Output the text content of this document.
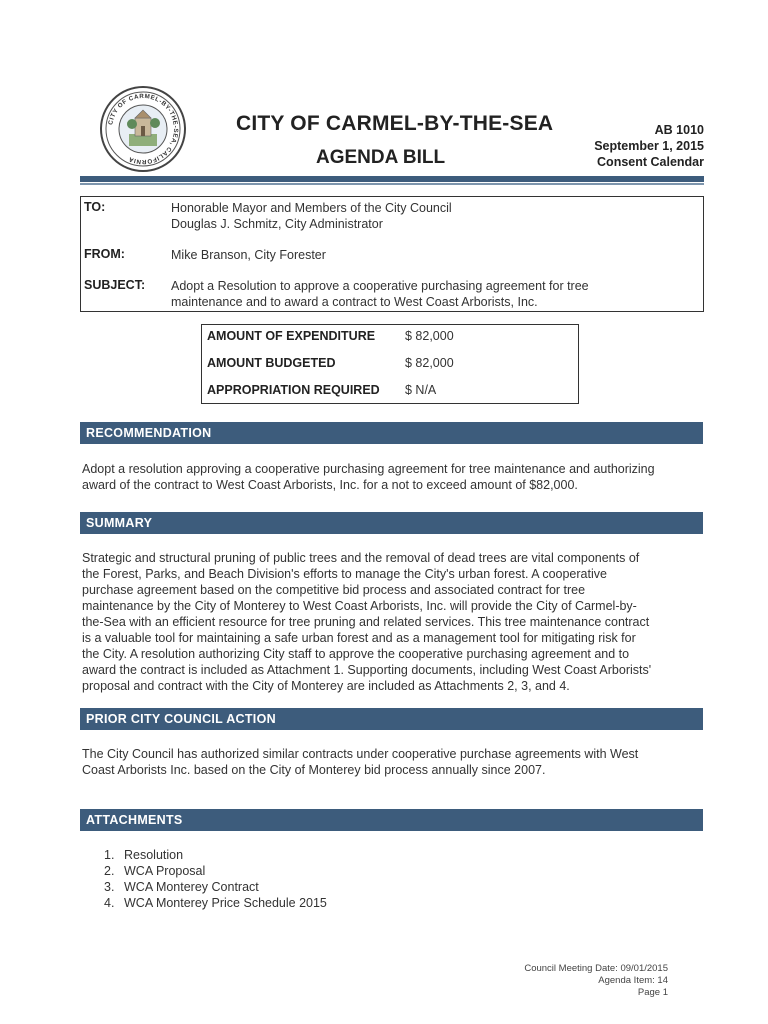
CITY OF CARMEL-BY-THE-SEA, CALIFORNIA
CITY OF CARMEL-BY-THE-SEA
AGENDA BILL
AB 1010
September 1, 2015
Consent Calendar
TO:	Honorable Mayor and Members of the City Council
Douglas J. Schmitz, City Administrator
FROM:	Mike Branson, City Forester
SUBJECT: Adopt a Resolution to approve a cooperative purchasing agreement for tree
maintenance and to award a contract to West Coast Arborists, Inc.
AMOUNT OF EXPENDITURE $ 82,000
AMOUNT BUDGETED	$ 82,000
APPROPRIATION REQUIRED $ N/A
RECOMMENDATION
Adopt a resolution approving a cooperative purchasing agreement for tree maintenance and authorizing
award of the contract to West Coast Arborists, Inc. for a not to exceed amount of $82,000.
SUMMARY
Strategic and structural pruning of public trees and the removal of dead trees are vital components of
the Forest, Parks, and Beach Division's efforts to manage the City's urban forest. A cooperative
purchase agreement based on the competitive bid process and associated contract for tree
maintenance by the City of Monterey to West Coast Arborists, Inc. will provide the City of Carmel-by-
the-Sea with an efficient resource for tree pruning and related services. This tree maintenance contract
is a valuable tool for maintaining a safe urban forest and as a management tool for mitigating risk for
the City. A resolution authorizing City staff to approve the cooperative purchasing agreement and to
award the contract is included as Attachment 1. Supporting documents, including West Coast Arborists'
proposal and contract with the City of Monterey are included as Attachments 2, 3, and 4.
PRIOR CITY COUNCIL ACTION
The City Council has authorized similar contracts under cooperative purchase agreements with West
Coast Arborists Inc. based on the City of Monterey bid process annually since 2007.
ATTACHMENTS
1. Resolution
2. WCA Proposal
3. WCA Monterey Contract
4. WCA Monterey Price Schedule 2015
Council Meeting Date: 09/01/2015
Agenda Item: 14
Page 1
